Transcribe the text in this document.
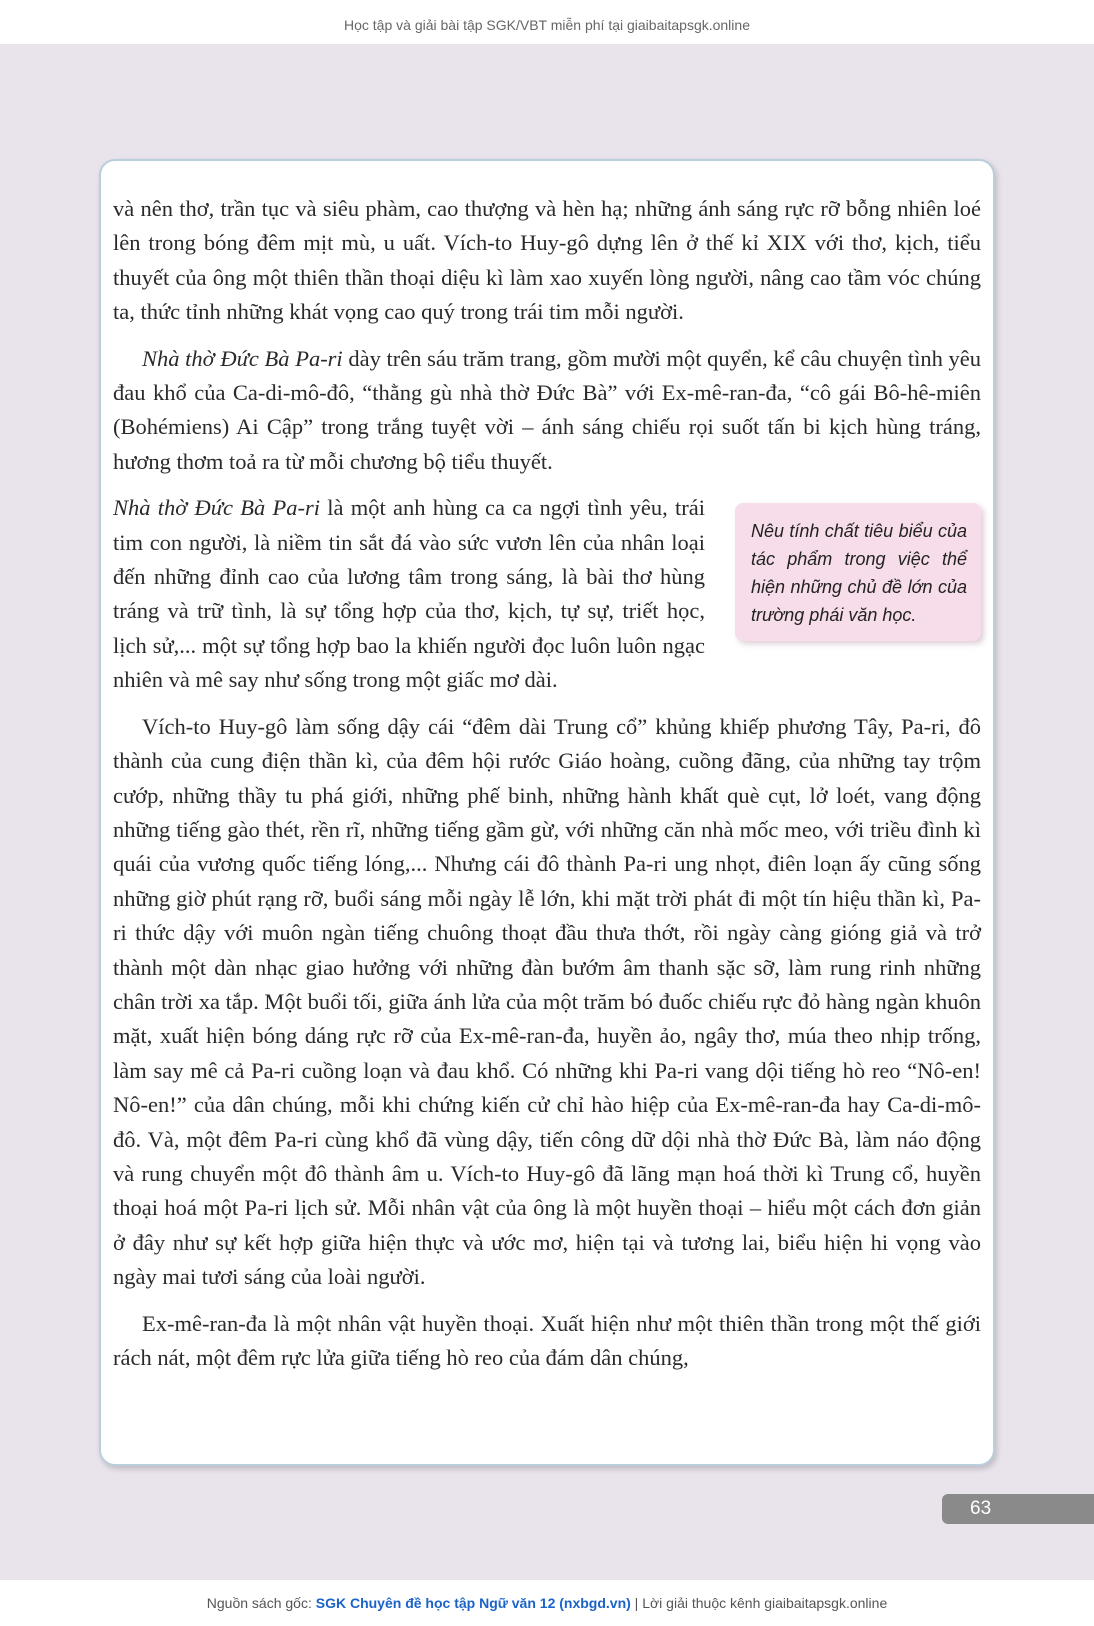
Học tập và giải bài tập SGK/VBT miễn phí tại giaibaitapsgk.online

và nên thơ, trần tục và siêu phàm, cao thượng và hèn hạ; những ánh sáng rực rỡ bỗng nhiên loé lên trong bóng đêm mịt mù, u uất. Vích-to Huy-gô dựng lên ở thế kỉ XIX với thơ, kịch, tiểu thuyết của ông một thiên thần thoại diệu kì làm xao xuyến lòng người, nâng cao tầm vóc chúng ta, thức tỉnh những khát vọng cao quý trong trái tim mỗi người.

Nhà thờ Đức Bà Pa-ri dày trên sáu trăm trang, gồm mười một quyển, kể câu chuyện tình yêu đau khổ của Ca-di-mô-đô, “thằng gù nhà thờ Đức Bà” với Ex-mê-ran-đa, “cô gái Bô-hê-miên (Bohémiens) Ai Cập” trong trắng tuyệt vời – ánh sáng chiếu rọi suốt tấn bi kịch hùng tráng, hương thơm toả ra từ mỗi chương bộ tiểu thuyết.

Nêu tính chất tiêu biểu của tác phẩm trong việc thể hiện những chủ đề lớn của trường phái văn học.
Nhà thờ Đức Bà Pa-ri là một anh hùng ca ca ngợi tình yêu, trái tim con người, là niềm tin sắt đá vào sức vươn lên của nhân loại đến những đỉnh cao của lương tâm trong sáng, là bài thơ hùng tráng và trữ tình, là sự tổng hợp của thơ, kịch, tự sự, triết học, lịch sử,... một sự tổng hợp bao la khiến người đọc luôn luôn ngạc nhiên và mê say như sống trong một giấc mơ dài.

Vích-to Huy-gô làm sống dậy cái “đêm dài Trung cổ” khủng khiếp phương Tây, Pa-ri, đô thành của cung điện thần kì, của đêm hội rước Giáo hoàng, cuồng đãng, của những tay trộm cướp, những thầy tu phá giới, những phế binh, những hành khất què cụt, lở loét, vang động những tiếng gào thét, rền rĩ, những tiếng gầm gừ, với những căn nhà mốc meo, với triều đình kì quái của vương quốc tiếng lóng,... Nhưng cái đô thành Pa-ri ung nhọt, điên loạn ấy cũng sống những giờ phút rạng rỡ, buổi sáng mỗi ngày lễ lớn, khi mặt trời phát đi một tín hiệu thần kì, Pa-ri thức dậy với muôn ngàn tiếng chuông thoạt đầu thưa thớt, rồi ngày càng gióng giả và trở thành một dàn nhạc giao hưởng với những đàn bướm âm thanh sặc sỡ, làm rung rinh những chân trời xa tắp. Một buổi tối, giữa ánh lửa của một trăm bó đuốc chiếu rực đỏ hàng ngàn khuôn mặt, xuất hiện bóng dáng rực rỡ của Ex-mê-ran-đa, huyền ảo, ngây thơ, múa theo nhịp trống, làm say mê cả Pa-ri cuồng loạn và đau khổ. Có những khi Pa-ri vang dội tiếng hò reo “Nô-en! Nô-en!” của dân chúng, mỗi khi chứng kiến cử chỉ hào hiệp của Ex-mê-ran-đa hay Ca-di-mô-đô. Và, một đêm Pa-ri cùng khổ đã vùng dậy, tiến công dữ dội nhà thờ Đức Bà, làm náo động và rung chuyển một đô thành âm u. Vích-to Huy-gô đã lãng mạn hoá thời kì Trung cổ, huyền thoại hoá một Pa-ri lịch sử. Mỗi nhân vật của ông là một huyền thoại – hiểu một cách đơn giản ở đây như sự kết hợp giữa hiện thực và ước mơ, hiện tại và tương lai, biểu hiện hi vọng vào ngày mai tươi sáng của loài người.

Ex-mê-ran-đa là một nhân vật huyền thoại. Xuất hiện như một thiên thần trong một thế giới rách nát, một đêm rực lửa giữa tiếng hò reo của đám dân chúng,

63
Nguồn sách gốc: SGK Chuyên đề học tập Ngữ văn 12 (nxbgd.vn) | Lời giải thuộc kênh giaibaitapsgk.online
